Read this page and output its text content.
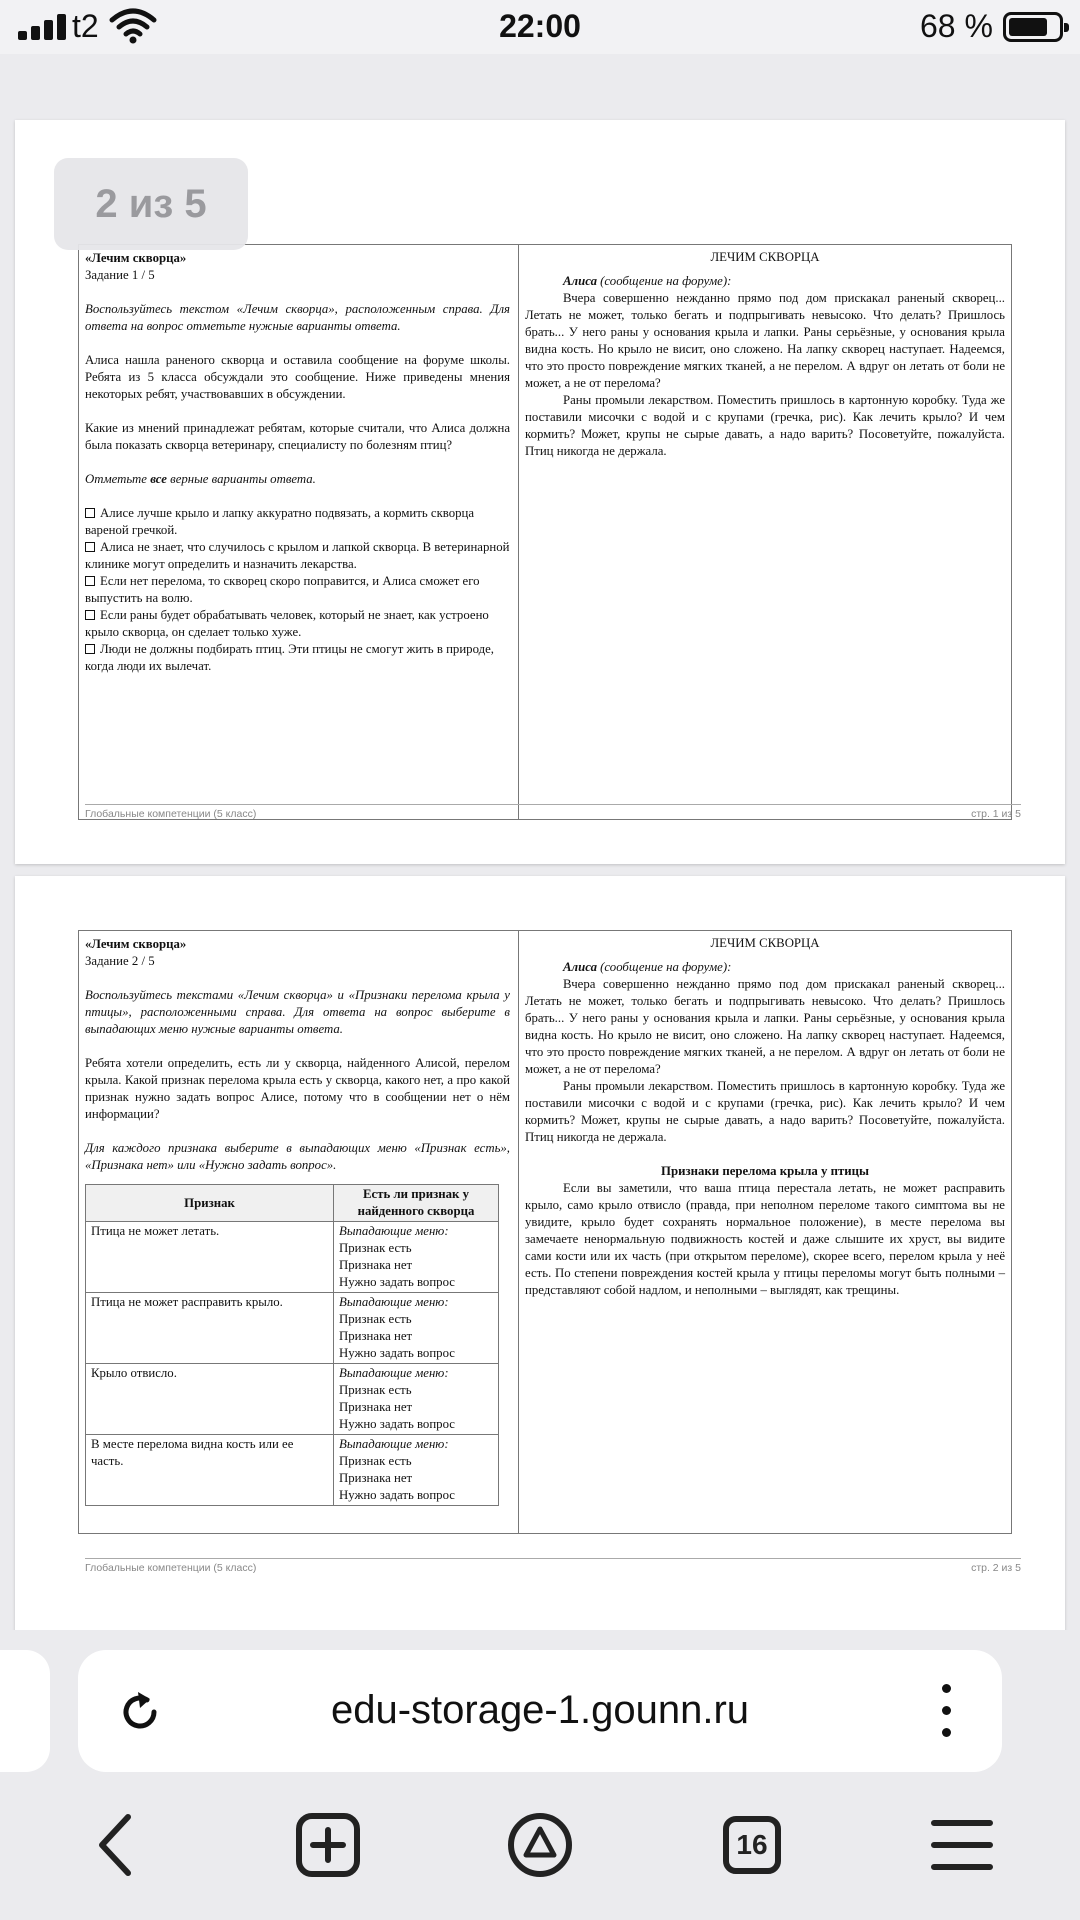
t2	22:00	68 %
2 из 5

«Лечим скворца»

Задание 1 / 5

Воспользуйтесь текстом «Лечим скворца», расположенным справа. Для ответа на вопрос отметьте нужные варианты ответа.

Алиса нашла раненого скворца и оставила сообщение на форуме школы. Ребята из 5 класса обсуждали это сообщение. Ниже приведены мнения некоторых ребят, участвовавших в обсуждении.

Какие из мнений принадлежат ребятам, которые считали, что Алиса должна была показать скворца ветеринару, специалисту по болезням птиц?

Отметьте все верные варианты ответа.

Алисе лучше крыло и лапку аккуратно подвязать, а кормить скворца вареной гречкой.

Алиса не знает, что случилось с крылом и лапкой скворца. В ветеринарной клинике могут определить и назначить лекарства.

Если нет перелома, то скворец скоро поправится, и Алиса сможет его выпустить на волю.

Если раны будет обрабатывать человек, который не знает, как устроено крыло скворца, он сделает только хуже.

Люди не должны подбирать птиц. Эти птицы не смогут жить в природе, когда люди их вылечат.

ЛЕЧИМ СКВОРЦА

Алиса (сообщение на форуме):

Вчера совершенно нежданно прямо под дом прискакал раненый скворец... Летать не может, только бегать и подпрыгивать невысоко. Что делать? Пришлось брать... У него раны у основания крыла и лапки. Раны серьёзные, у основания крыла видна кость. Но крыло не висит, оно сложено. На лапку скворец наступает. Надеемся, что это просто повреждение мягких тканей, а не перелом. А вдруг он летать от боли не может, а не от перелома?

Раны промыли лекарством. Поместить пришлось в картонную коробку. Туда же поставили мисочки с водой и с крупами (гречка, рис). Как лечить крыло? И чем кормить? Может, крупы не сырые давать, а надо варить? Посоветуйте, пожалуйста. Птиц никогда не держала.

Глобальные компетенции (5 класс)	стр. 1 из 5

«Лечим скворца»

Задание 2 / 5

Воспользуйтесь текстами «Лечим скворца» и «Признаки перелома крыла у птицы», расположенными справа. Для ответа на вопрос выберите в выпадающих меню нужные варианты ответа.

Ребята хотели определить, есть ли у скворца, найденного Алисой, перелом крыла. Какой признак перелома крыла есть у скворца, какого нет, а про какой признак нужно задать вопрос Алисе, потому что в сообщении нет о нём информации?

Для каждого признака выберите в выпадающих меню «Признак есть», «Признака нет» или «Нужно задать вопрос».

Признак	Есть ли признак у найденного скворца
Птица не может летать.	Выпадающие меню:
Признак есть
Признака нет
Нужно задать вопрос
Птица не может расправить крыло.	Выпадающие меню:
Признак есть
Признака нет
Нужно задать вопрос
Крыло отвисло.	Выпадающие меню:
Признак есть
Признака нет
Нужно задать вопрос
В месте перелома видна кость или ее часть.	Выпадающие меню:
Признак есть
Признака нет
Нужно задать вопрос

ЛЕЧИМ СКВОРЦА

Алиса (сообщение на форуме):

Вчера совершенно нежданно прямо под дом прискакал раненый скворец... Летать не может, только бегать и подпрыгивать невысоко. Что делать? Пришлось брать... У него раны у основания крыла и лапки. Раны серьёзные, у основания крыла видна кость. Но крыло не висит, оно сложено. На лапку скворец наступает. Надеемся, что это просто повреждение мягких тканей, а не перелом. А вдруг он летать от боли не может, а не от перелома?

Раны промыли лекарством. Поместить пришлось в картонную коробку. Туда же поставили мисочки с водой и с крупами (гречка, рис). Как лечить крыло? И чем кормить? Может, крупы не сырые давать, а надо варить? Посоветуйте, пожалуйста. Птиц никогда не держала.

Признаки перелома крыла у птицы

Если вы заметили, что ваша птица перестала летать, не может расправить крыло, само крыло отвисло (правда, при неполном переломе такого симптома вы не увидите, крыло будет сохранять нормальное положение), в месте перелома вы замечаете ненормальную подвижность костей и даже слышите их хруст, вы видите сами кости или их часть (при открытом переломе), скорее всего, перелом крыла у неё есть. По степени повреждения костей крыла у птицы переломы могут быть полными – представляют собой надлом, и неполными – выглядят, как трещины.

Глобальные компетенции (5 класс)	стр. 2 из 5
edu-storage-1.gounn.ru
16
